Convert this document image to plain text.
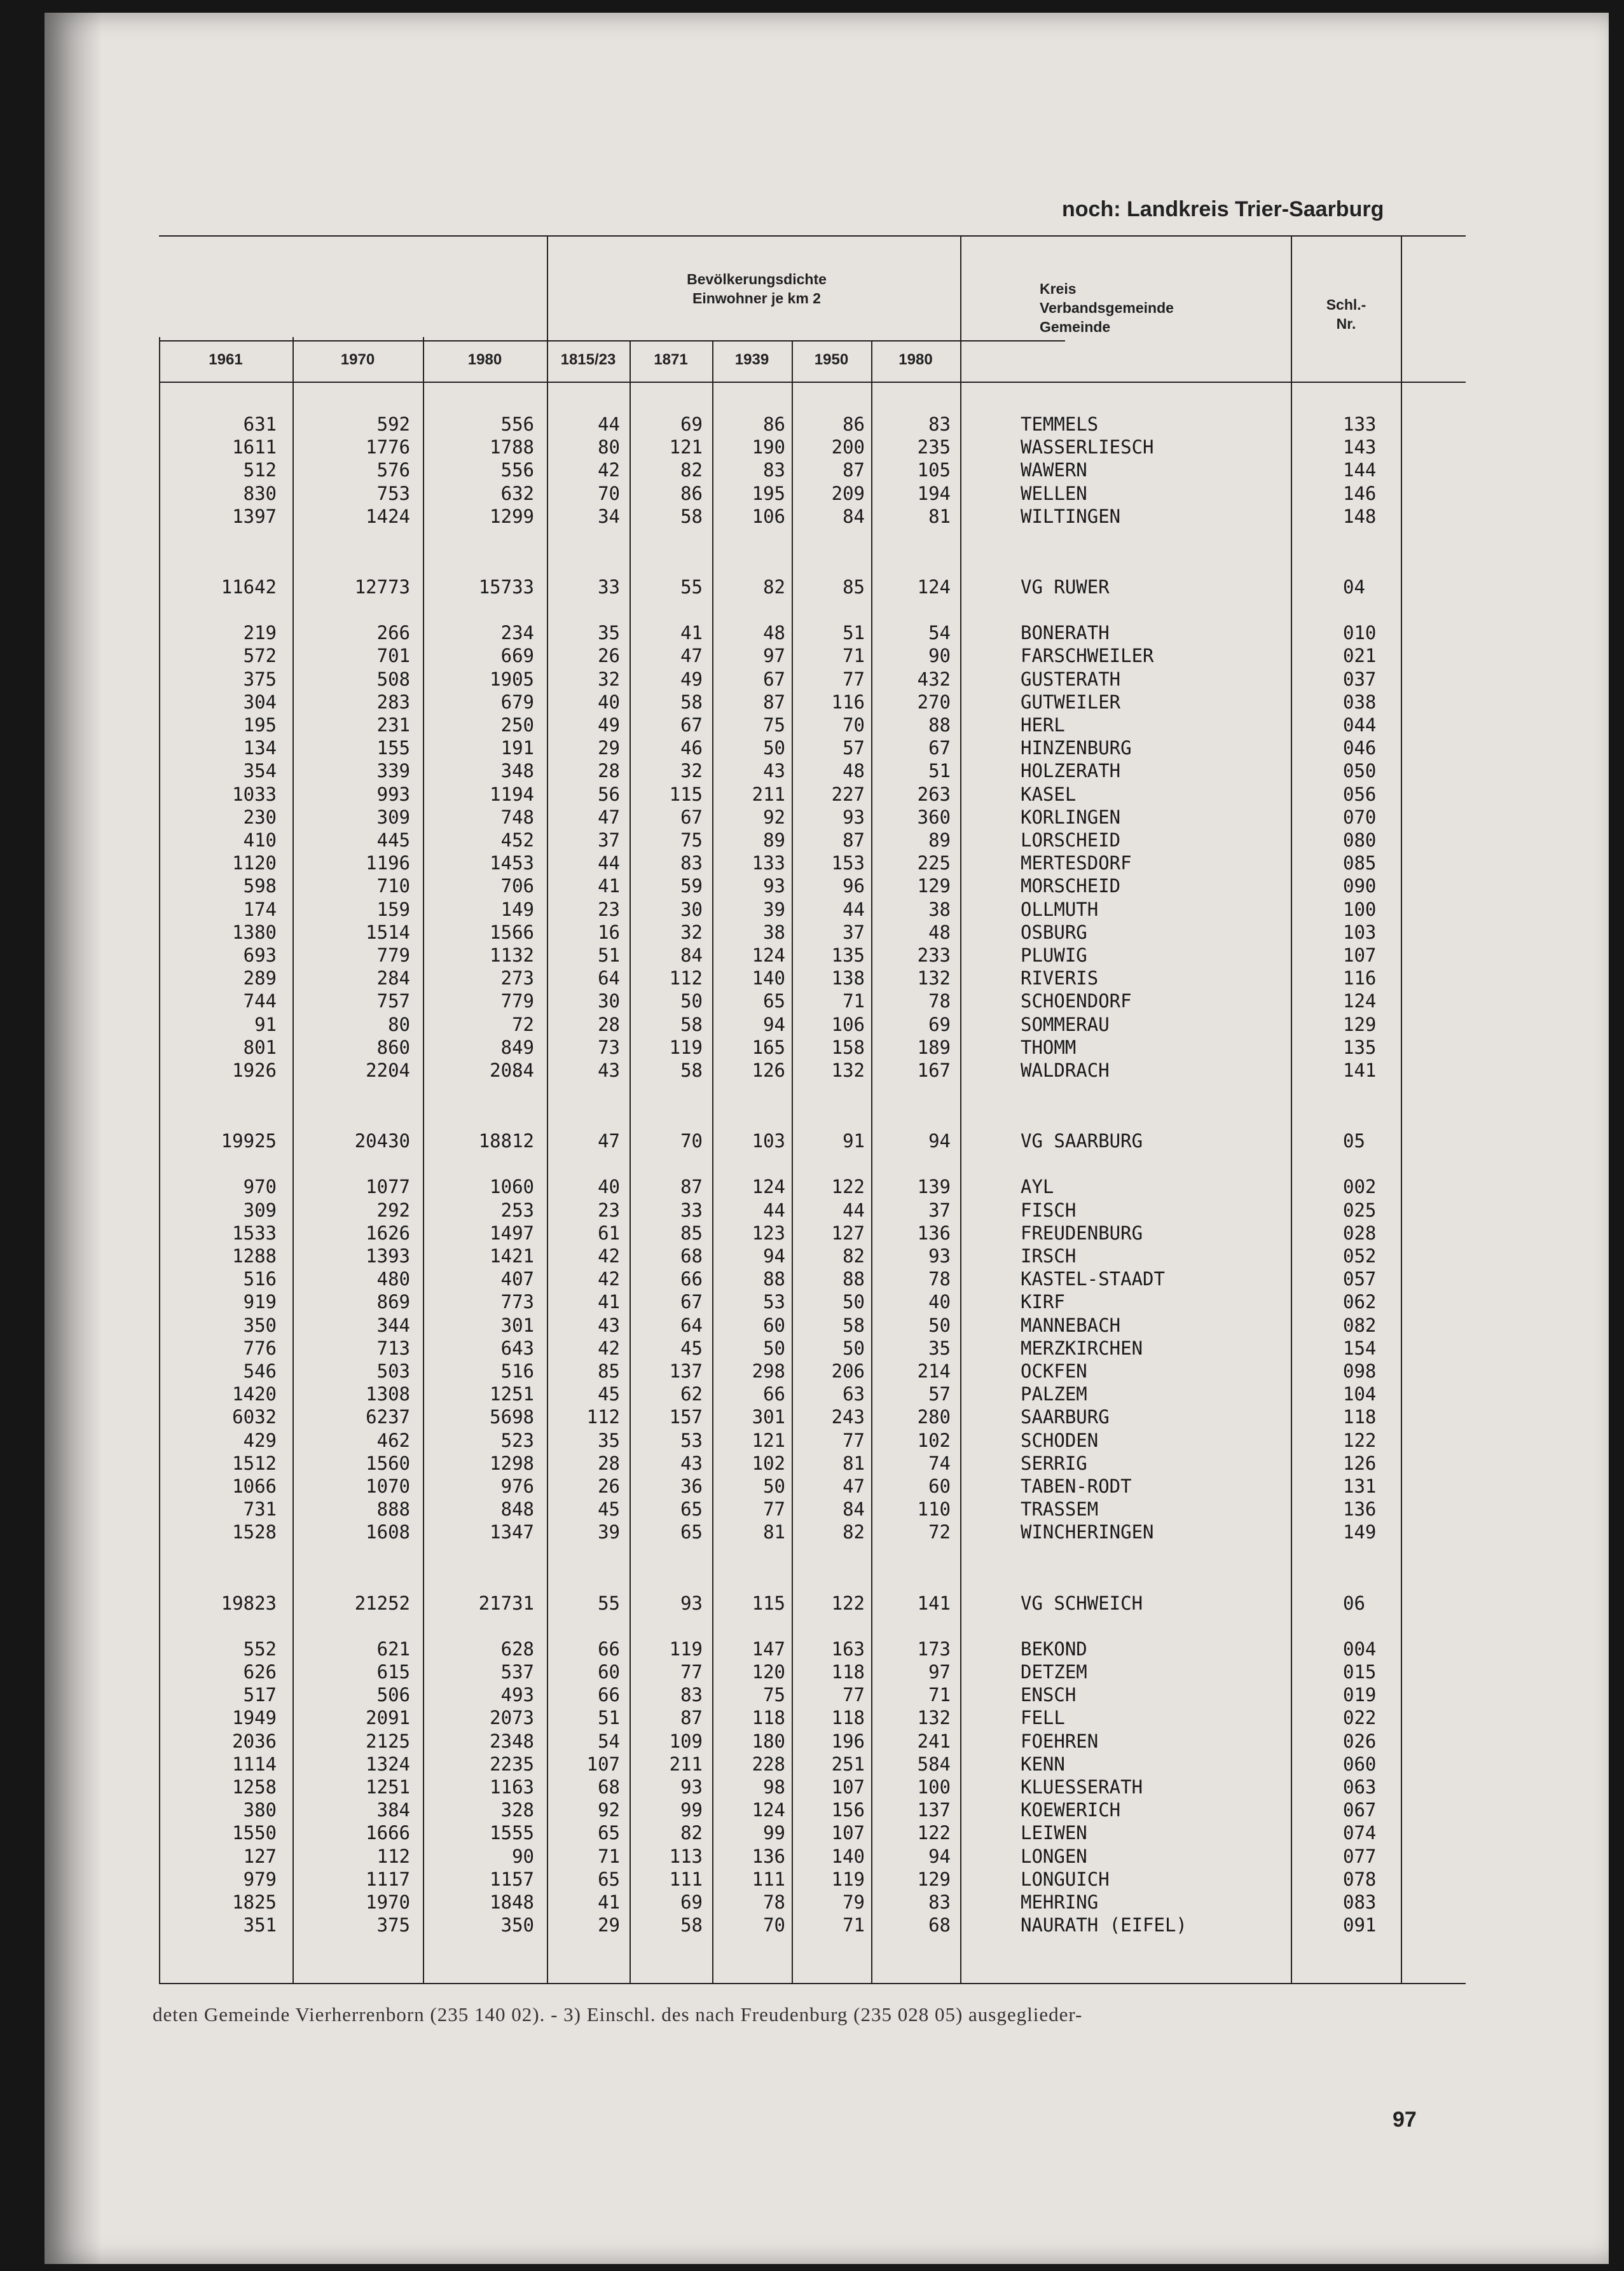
noch: Landkreis Trier-Saarburg
Bevölkerungsdichte
Einwohner je km 2
Kreis
Verbandsgemeinde
Gemeinde
Schl.-
Nr.
1961	1970	1980	1815/23	1871	1939	1950	1980
631	592	556	44	69	86	86	83	TEMMELS	133
1611	1776	1788	80	121	190	200	235	WASSERLIESCH	143
512	576	556	42	82	83	87	105	WAWERN	144
830	753	632	70	86	195	209	194	WELLEN	146
1397	1424	1299	34	58	106	84	81	WILTINGEN	148
11642	12773	15733	33	55	82	85	124	VG RUWER	04
219	266	234	35	41	48	51	54	BONERATH	010
572	701	669	26	47	97	71	90	FARSCHWEILER	021
375	508	1905	32	49	67	77	432	GUSTERATH	037
304	283	679	40	58	87	116	270	GUTWEILER	038
195	231	250	49	67	75	70	88	HERL	044
134	155	191	29	46	50	57	67	HINZENBURG	046
354	339	348	28	32	43	48	51	HOLZERATH	050
1033	993	1194	56	115	211	227	263	KASEL	056
230	309	748	47	67	92	93	360	KORLINGEN	070
410	445	452	37	75	89	87	89	LORSCHEID	080
1120	1196	1453	44	83	133	153	225	MERTESDORF	085
598	710	706	41	59	93	96	129	MORSCHEID	090
174	159	149	23	30	39	44	38	OLLMUTH	100
1380	1514	1566	16	32	38	37	48	OSBURG	103
693	779	1132	51	84	124	135	233	PLUWIG	107
289	284	273	64	112	140	138	132	RIVERIS	116
744	757	779	30	50	65	71	78	SCHOENDORF	124
91	80	72	28	58	94	106	69	SOMMERAU	129
801	860	849	73	119	165	158	189	THOMM	135
1926	2204	2084	43	58	126	132	167	WALDRACH	141
19925	20430	18812	47	70	103	91	94	VG SAARBURG	05
970	1077	1060	40	87	124	122	139	AYL	002
309	292	253	23	33	44	44	37	FISCH	025
1533	1626	1497	61	85	123	127	136	FREUDENBURG	028
1288	1393	1421	42	68	94	82	93	IRSCH	052
516	480	407	42	66	88	88	78	KASTEL-STAADT	057
919	869	773	41	67	53	50	40	KIRF	062
350	344	301	43	64	60	58	50	MANNEBACH	082
776	713	643	42	45	50	50	35	MERZKIRCHEN	154
546	503	516	85	137	298	206	214	OCKFEN	098
1420	1308	1251	45	62	66	63	57	PALZEM	104
6032	6237	5698	112	157	301	243	280	SAARBURG	118
429	462	523	35	53	121	77	102	SCHODEN	122
1512	1560	1298	28	43	102	81	74	SERRIG	126
1066	1070	976	26	36	50	47	60	TABEN-RODT	131
731	888	848	45	65	77	84	110	TRASSEM	136
1528	1608	1347	39	65	81	82	72	WINCHERINGEN	149
19823	21252	21731	55	93	115	122	141	VG SCHWEICH	06
552	621	628	66	119	147	163	173	BEKOND	004
626	615	537	60	77	120	118	97	DETZEM	015
517	506	493	66	83	75	77	71	ENSCH	019
1949	2091	2073	51	87	118	118	132	FELL	022
2036	2125	2348	54	109	180	196	241	FOEHREN	026
1114	1324	2235	107	211	228	251	584	KENN	060
1258	1251	1163	68	93	98	107	100	KLUESSERATH	063
380	384	328	92	99	124	156	137	KOEWERICH	067
1550	1666	1555	65	82	99	107	122	LEIWEN	074
127	112	90	71	113	136	140	94	LONGEN	077
979	1117	1157	65	111	111	119	129	LONGUICH	078
1825	1970	1848	41	69	78	79	83	MEHRING	083
351	375	350	29	58	70	71	68	NAURATH (EIFEL)	091
deten Gemeinde Vierherrenborn (235 140 02). - 3) Einschl. des nach Freudenburg (235 028 05) ausgeglieder-
97
